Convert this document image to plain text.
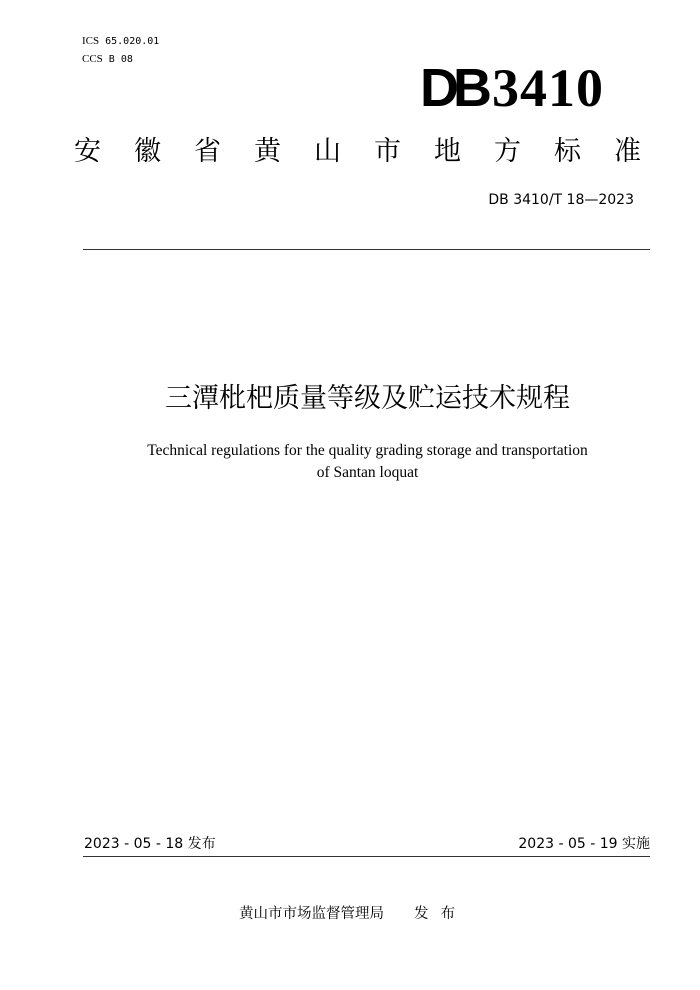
ICS 65.020.01
CCS B 08	DB 3410
安徽省黄山市地方标准
DB 3410/T 18—2023
三潭枇杷质量等级及贮运技术规程
Technical regulations for the quality grading storage and transportation
of Santan loquat
2023 - 05 - 18 发布	2023 - 05 - 19 实施
黄山市市场监督管理局 发布
